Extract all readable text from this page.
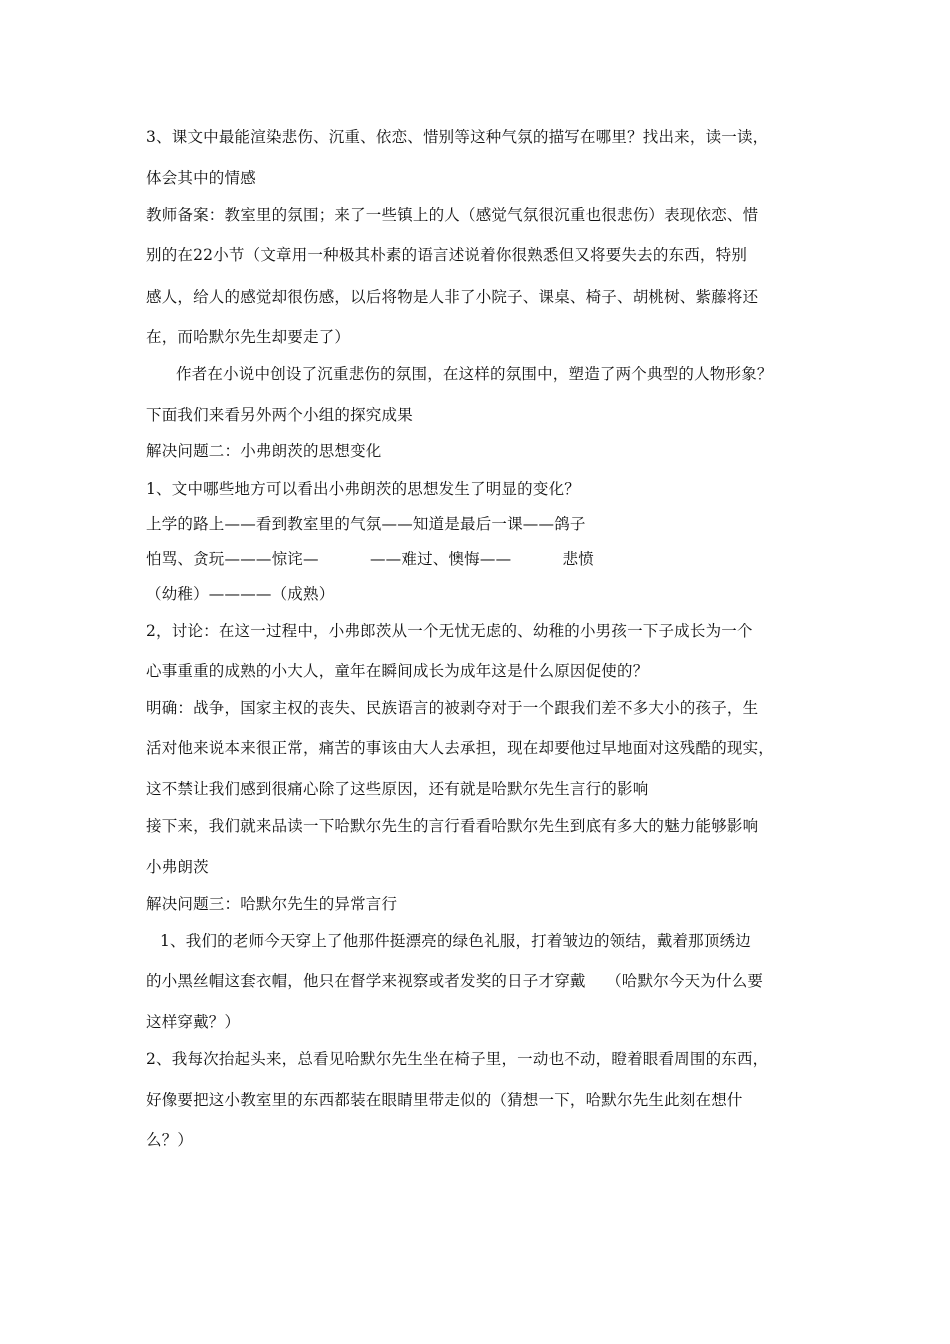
3、课文中最能渲染悲伤、沉重、依恋、惜别等这种气氛的描写在哪里？找出来，读一读，
体会其中的情感
教师备案：教室里的氛围；来了一些镇上的人（感觉气氛很沉重也很悲伤）表现依恋、惜
别的在22小节（文章用一种极其朴素的语言述说着你很熟悉但又将要失去的东西，特别
感人，给人的感觉却很伤感，以后将物是人非了小院子、课桌、椅子、胡桃树、紫藤将还
在，而哈默尔先生却要走了）
作者在小说中创设了沉重悲伤的氛围，在这样的氛围中，塑造了两个典型的人物形象？
下面我们来看另外两个小组的探究成果
解决问题二：小弗朗茨的思想变化
1、文中哪些地方可以看出小弗朗茨的思想发生了明显的变化？
上学的路上——看到教室里的气氛——知道是最后一课——鸽子
怕骂、贪玩———惊诧—          ——难过、懊悔——          悲愤
（幼稚）————（成熟）
2，讨论：在这一过程中，小弗郎茨从一个无忧无虑的、幼稚的小男孩一下子成长为一个
心事重重的成熟的小大人，童年在瞬间成长为成年这是什么原因促使的？
明确：战争，国家主权的丧失、民族语言的被剥夺对于一个跟我们差不多大小的孩子，生
活对他来说本来很正常，痛苦的事该由大人去承担，现在却要他过早地面对这残酷的现实，
这不禁让我们感到很痛心除了这些原因，还有就是哈默尔先生言行的影响
接下来，我们就来品读一下哈默尔先生的言行看看哈默尔先生到底有多大的魅力能够影响
小弗朗茨
解决问题三：哈默尔先生的异常言行
1、我们的老师今天穿上了他那件挺漂亮的绿色礼服，打着皱边的领结，戴着那顶绣边
的小黑丝帽这套衣帽，他只在督学来视察或者发奖的日子才穿戴    （哈默尔今天为什么要
这样穿戴？）
2、我每次抬起头来，总看见哈默尔先生坐在椅子里，一动也不动，瞪着眼看周围的东西，
好像要把这小教室里的东西都装在眼睛里带走似的（猜想一下，哈默尔先生此刻在想什
么？）
